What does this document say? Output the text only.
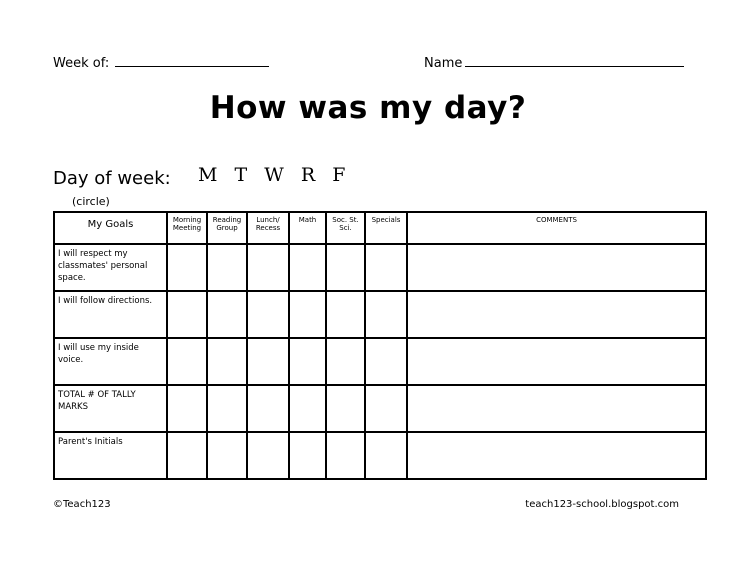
Week of:	Name
How was my day?
Day of week: M T W R F
(circle)
My Goals	Morning Meeting	Reading Group	Lunch/ Recess	Math	Soc. St. Sci.	Specials	COMMENTS
I will respect my classmates' personal space.							
I will follow directions.							
I will use my inside voice.							
TOTAL # OF TALLY MARKS							
Parent's Initials							
©Teach123	teach123-school.blogspot.com
